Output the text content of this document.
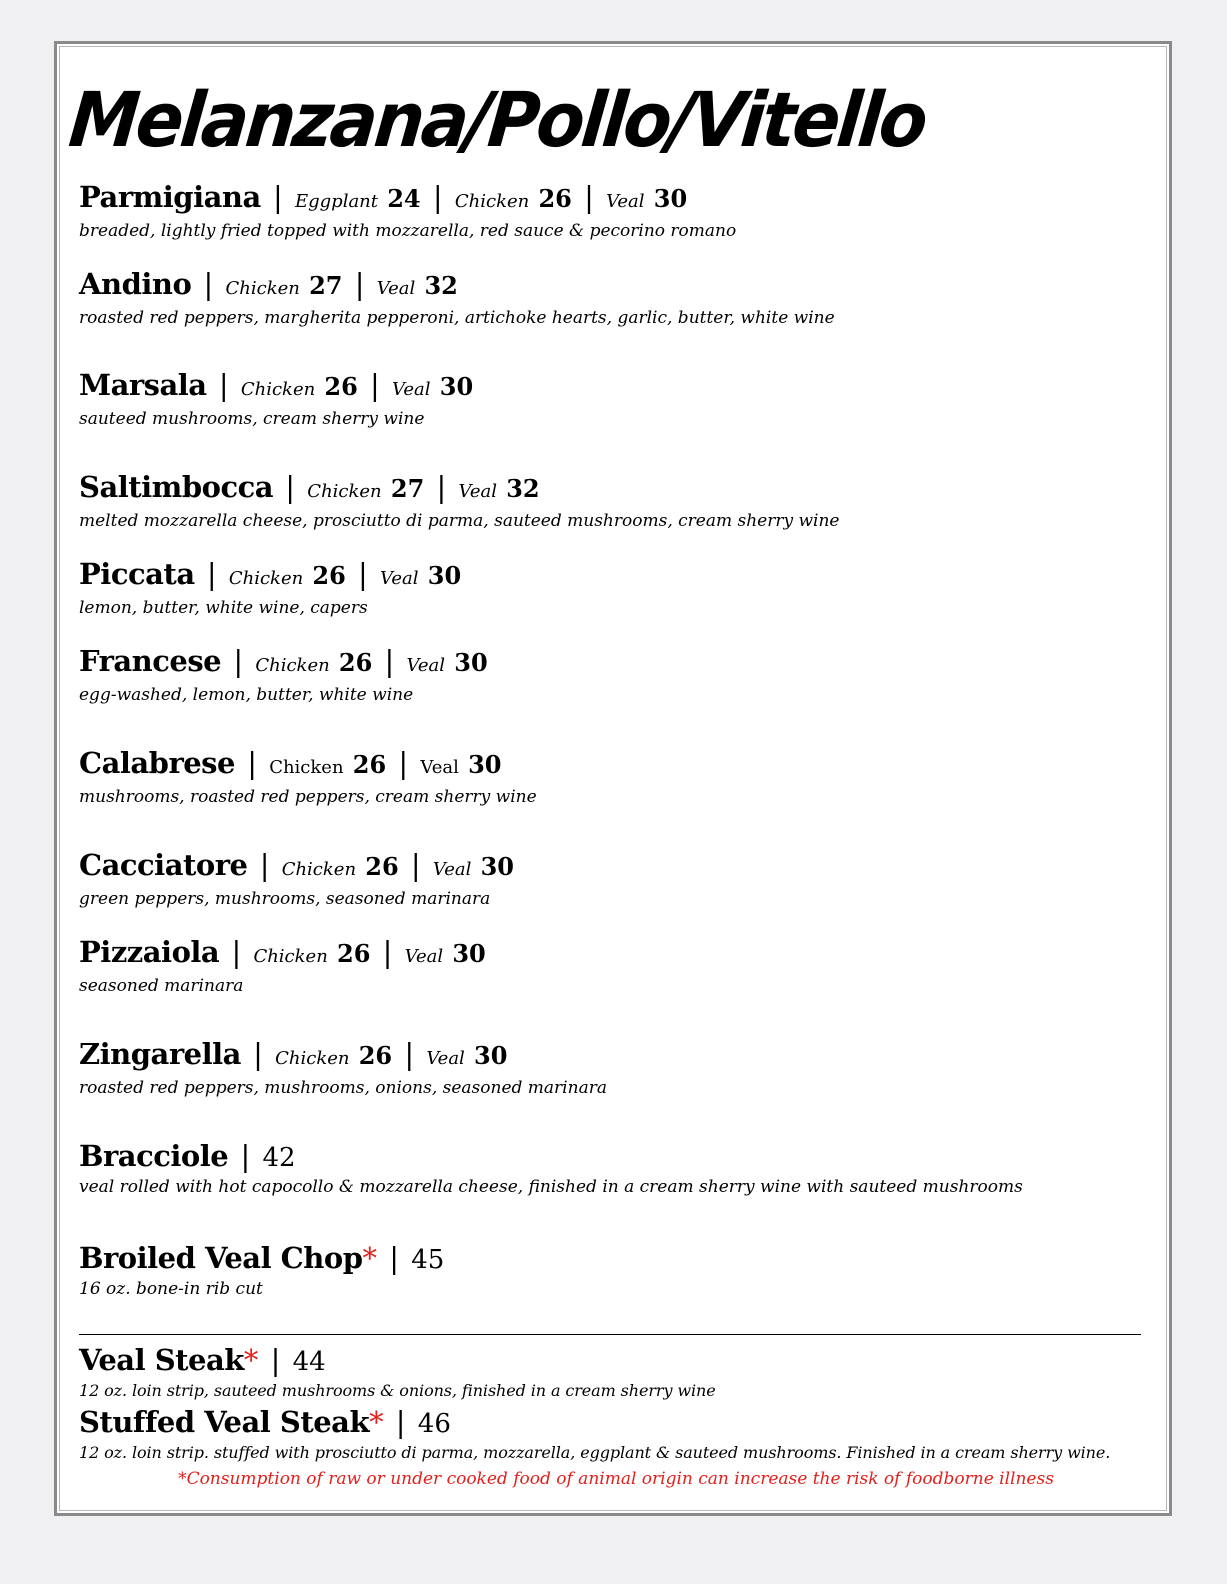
Melanzana/Pollo/Vitello
Parmigiana | Eggplant 24 | Chicken 26 | Veal 30
breaded, lightly fried topped with mozzarella, red sauce & pecorino romano
Andino | Chicken 27 | Veal 32
roasted red peppers, margherita pepperoni, artichoke hearts, garlic, butter, white wine
Marsala | Chicken 26 | Veal 30
sauteed mushrooms, cream sherry wine
Saltimbocca | Chicken 27 | Veal 32
melted mozzarella cheese, prosciutto di parma, sauteed mushrooms, cream sherry wine
Piccata | Chicken 26 | Veal 30
lemon, butter, white wine, capers
Francese | Chicken 26 | Veal 30
egg-washed, lemon, butter, white wine
Calabrese | Chicken 26 | Veal 30
mushrooms, roasted red peppers, cream sherry wine
Cacciatore | Chicken 26 | Veal 30
green peppers, mushrooms, seasoned marinara
Pizzaiola | Chicken 26 | Veal 30
seasoned marinara
Zingarella | Chicken 26 | Veal 30
roasted red peppers, mushrooms, onions, seasoned marinara
Bracciole | 42
veal rolled with hot capocollo & mozzarella cheese, finished in a cream sherry wine with sauteed mushrooms
Broiled Veal Chop* | 45
16 oz. bone-in rib cut
Veal Steak* | 44
12 oz. loin strip, sauteed mushrooms & onions, finished in a cream sherry wine
Stuffed Veal Steak* | 46
12 oz. loin strip. stuffed with prosciutto di parma, mozzarella, eggplant & sauteed mushrooms. Finished in a cream sherry wine.
*Consumption of raw or under cooked food of animal origin can increase the risk of foodborne illness
